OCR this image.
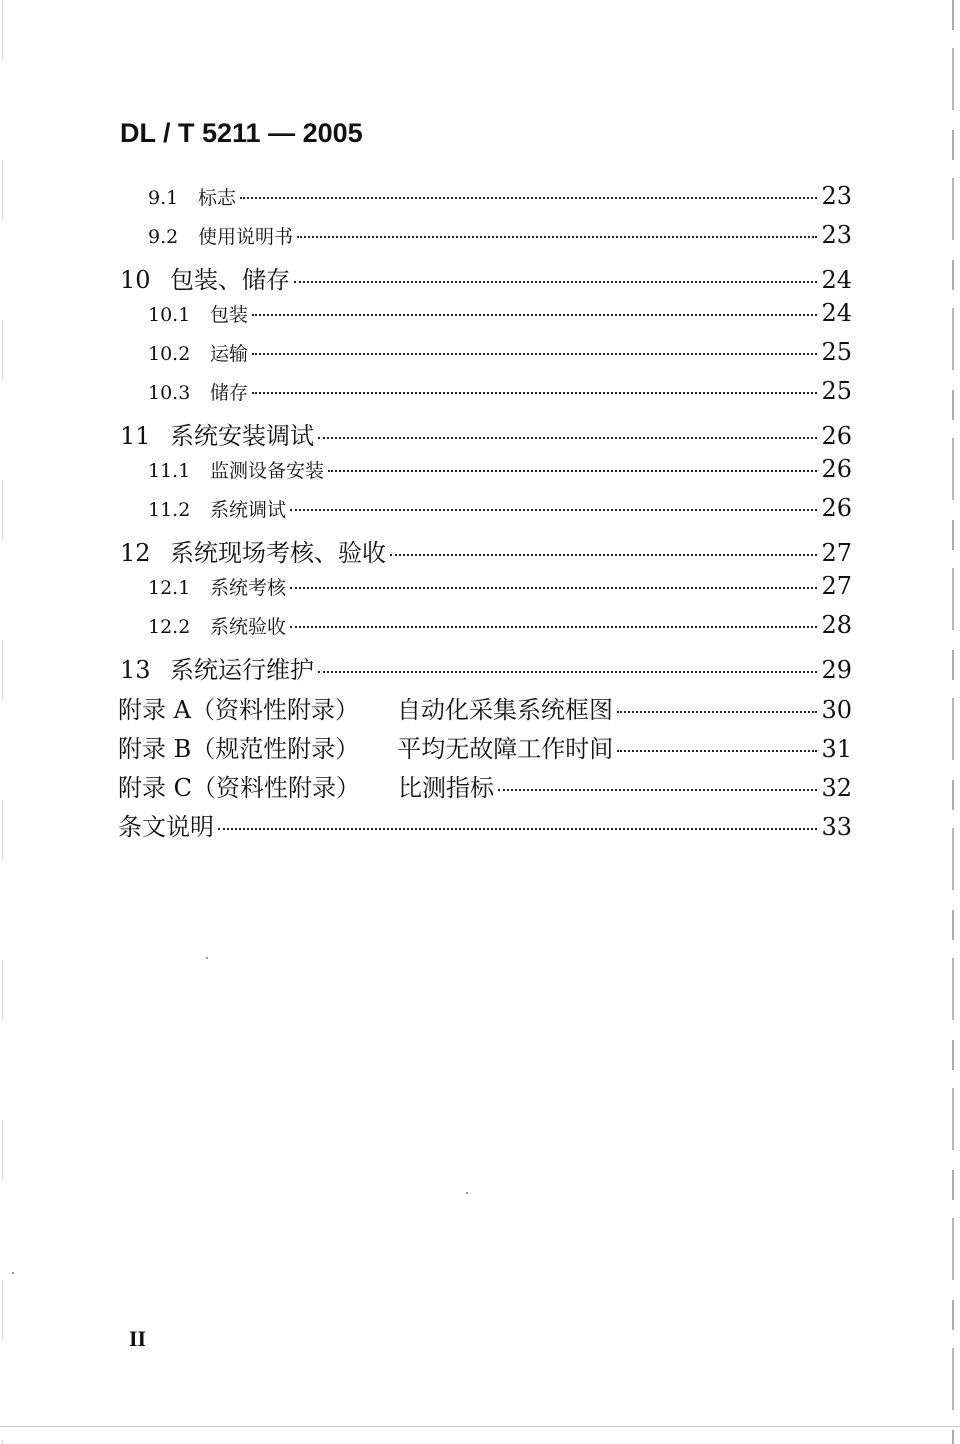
DL / T 5211 — 2005
9.1	标志	23
9.2	使用说明书	23
10 包装、储存	24
10.1	包装	24
10.2	运输	25
10.3	储存	25
11 系统安装调试	26
11.1	监测设备安装	26
11.2	系统调试	26
12 系统现场考核、验收	27
12.1	系统考核	27
12.2	系统验收	28
13 系统运行维护	29
附录 A（资料性附录） 自动化采集系统框图	30
附录 B（规范性附录） 平均无故障工作时间	31
附录 C（资料性附录） 比测指标	32
条文说明	33
II
